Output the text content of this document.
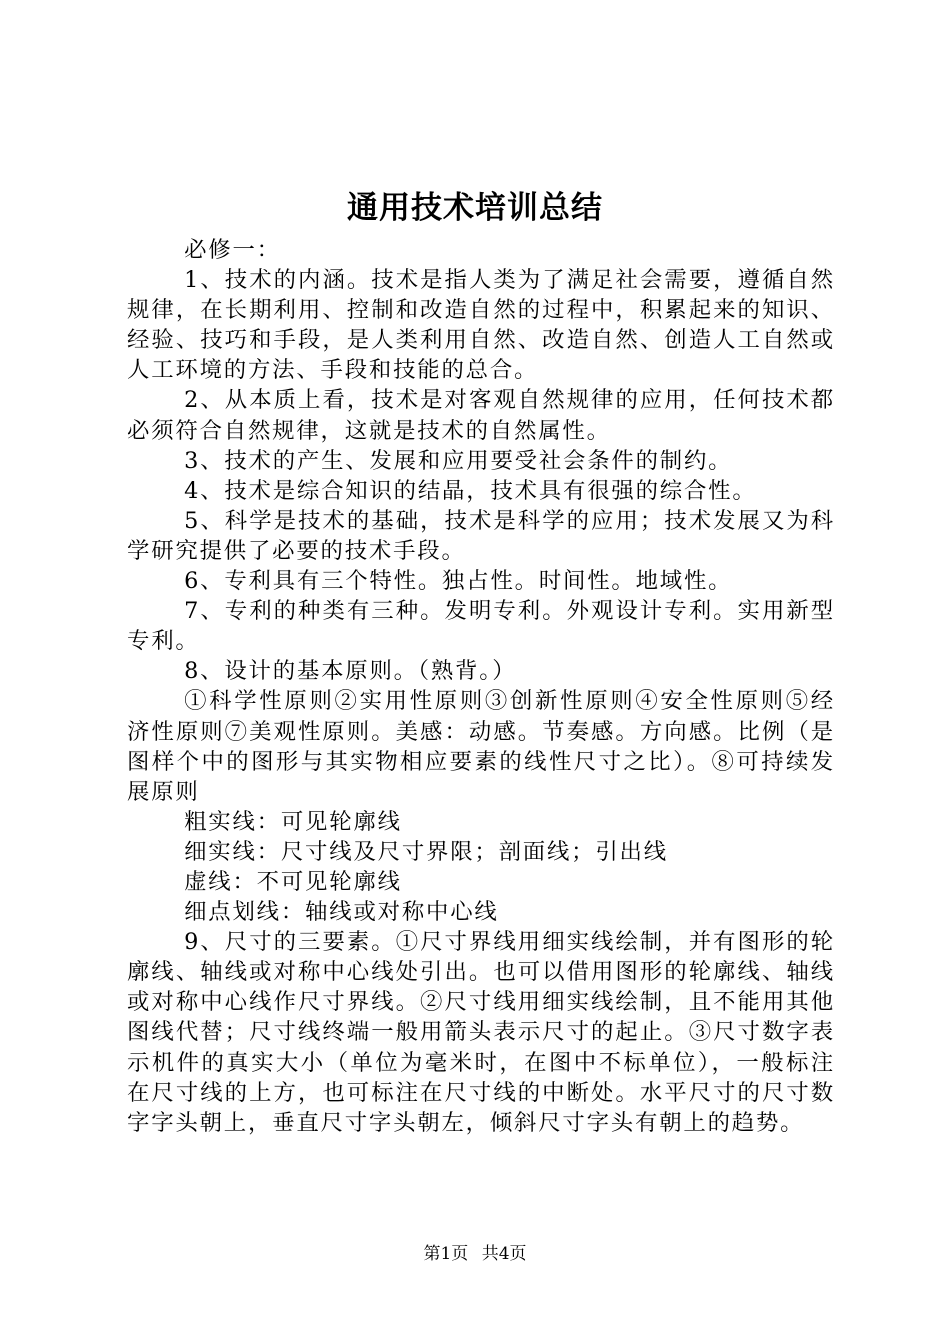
通用技术培训总结

必修一：

1、技术的内涵。技术是指人类为了满足社会需要，遵循自然规律，在长期利用、控制和改造自然的过程中，积累起来的知识、经验、技巧和手段，是人类利用自然、改造自然、创造人工自然或人工环境的方法、手段和技能的总合。

2、从本质上看，技术是对客观自然规律的应用，任何技术都必须符合自然规律，这就是技术的自然属性。

3、技术的产生、发展和应用要受社会条件的制约。

4、技术是综合知识的结晶，技术具有很强的综合性。

5、科学是技术的基础，技术是科学的应用；技术发展又为科学研究提供了必要的技术手段。

6、专利具有三个特性。独占性。时间性。地域性。

7、专利的种类有三种。发明专利。外观设计专利。实用新型专利。

8、设计的基本原则。（熟背。）

①科学性原则②实用性原则③创新性原则④安全性原则⑤经济性原则⑦美观性原则。美感：动感。节奏感。方向感。比例（是图样个中的图形与其实物相应要素的线性尺寸之比）。⑧可持续发展原则

粗实线：可见轮廓线

细实线：尺寸线及尺寸界限；剖面线；引出线

虚线：不可见轮廓线

细点划线：轴线或对称中心线

9、尺寸的三要素。①尺寸界线用细实线绘制，并有图形的轮廓线、轴线或对称中心线处引出。也可以借用图形的轮廓线、轴线或对称中心线作尺寸界线。②尺寸线用细实线绘制，且不能用其他图线代替；尺寸线终端一般用箭头表示尺寸的起止。③尺寸数字表示机件的真实大小（单位为毫米时，在图中不标单位），一般标注在尺寸线的上方，也可标注在尺寸线的中断处。水平尺寸的尺寸数字字头朝上，垂直尺寸字头朝左，倾斜尺寸字头有朝上的趋势。

第1页 共4页
